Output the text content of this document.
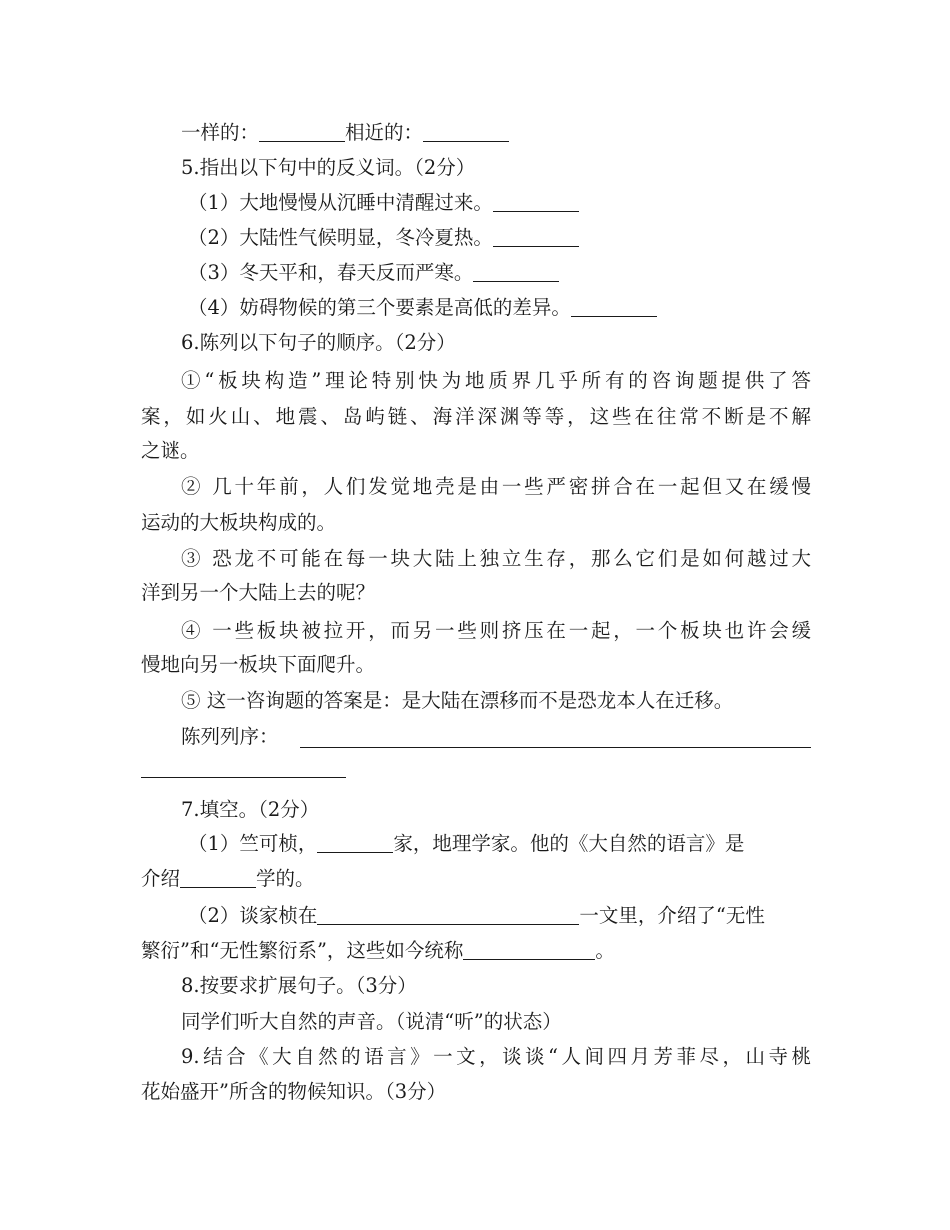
一样的：	相近的：
5.指出以下句中的反义词。（2分）
（1）大地慢慢从沉睡中清醒过来。
（2）大陆性气候明显，冬冷夏热。
（3）冬天平和，春天反而严寒。
（4）妨碍物候的第三个要素是高低的差异。
6.陈列以下句子的顺序。（2分）
①“板块构造”理论特别快为地质界几乎所有的咨询题提供了答
案，如火山、地震、岛屿链、海洋深渊等等，这些在往常不断是不解
之谜。
② 几十年前，人们发觉地壳是由一些严密拼合在一起但又在缓慢
运动的大板块构成的。
③ 恐龙不可能在每一块大陆上独立生存，那么它们是如何越过大
洋到另一个大陆上去的呢？
④ 一些板块被拉开，而另一些则挤压在一起，一个板块也许会缓
慢地向另一板块下面爬升。
⑤ 这一咨询题的答案是：是大陆在漂移而不是恐龙本人在迁移。
陈列列序：
7.填空。（2分）
（1）竺可桢，	家，地理学家。他的《大自然的语言》是
介绍	学的。
（2）谈家桢在	一文里，介绍了“无性
繁衍”和“无性繁衍系”，这些如今统称	。
8.按要求扩展句子。（3分）
同学们听大自然的声音。（说清“听”的状态）
9.结合《大自然的语言》一文，谈谈“人间四月芳菲尽，山寺桃
花始盛开”所含的物候知识。（3分）
